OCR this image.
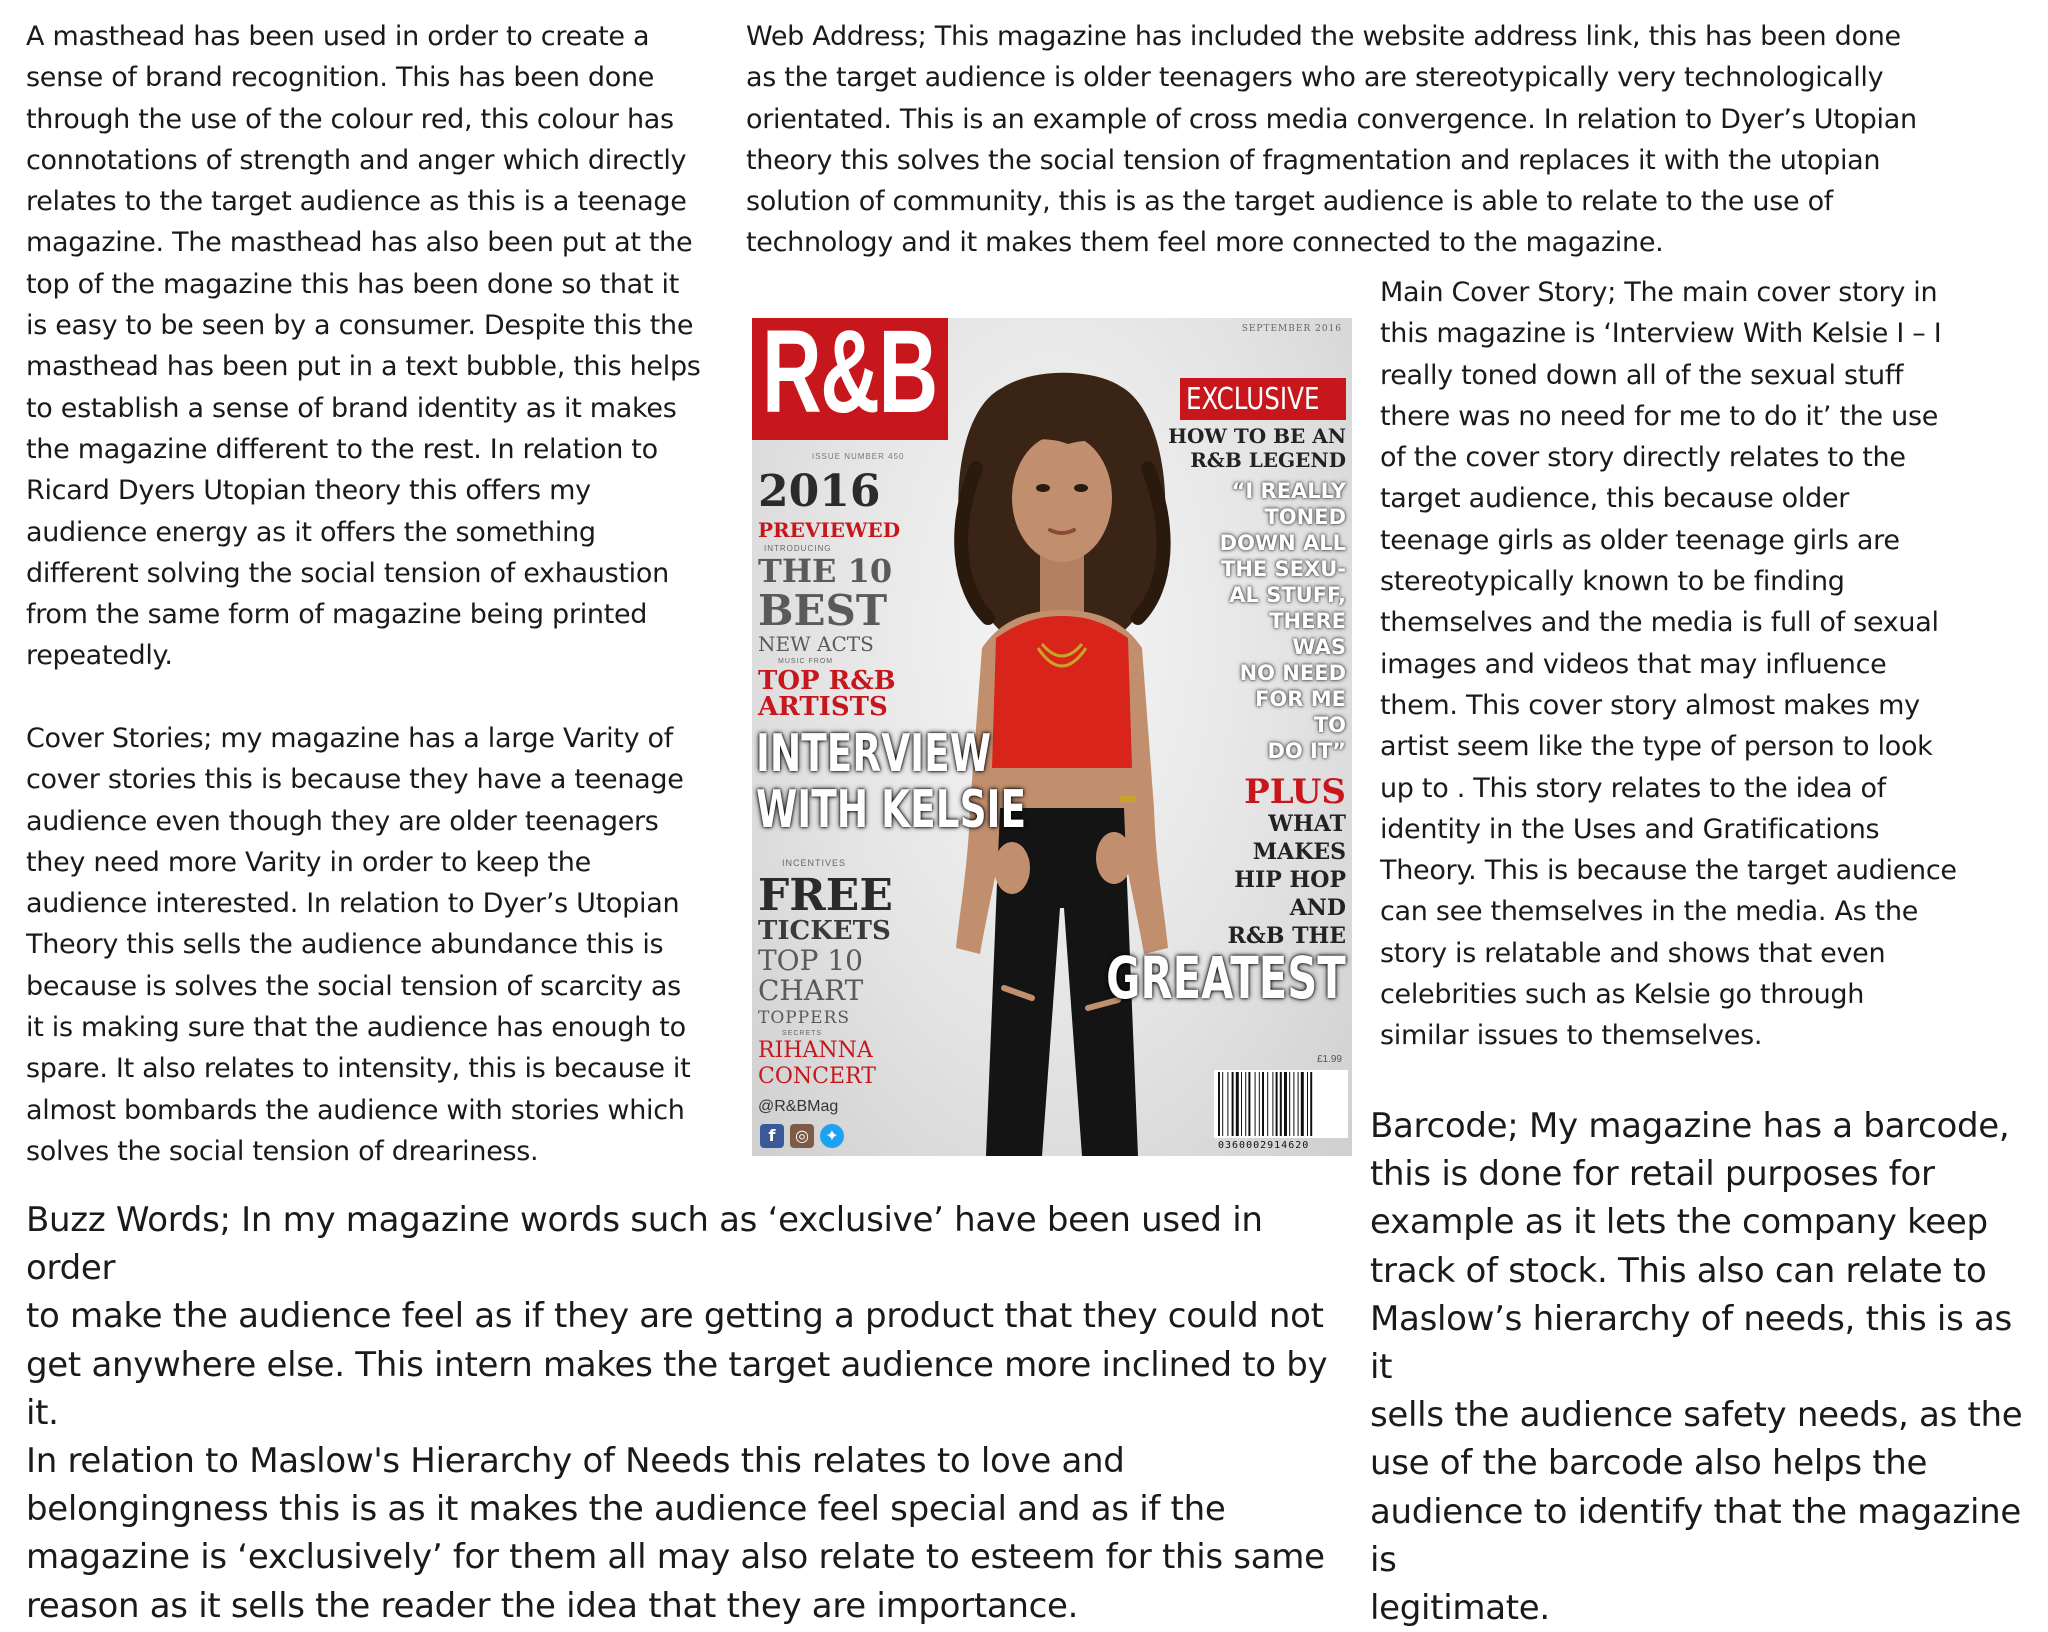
A masthead has been used in order to create a
sense of brand recognition. This has been done
through the use of the colour red, this colour has
connotations of strength and anger which directly
relates to the target audience as this is a teenage
magazine. The masthead has also been put at the
top of the magazine this has been done so that it
is easy to be seen by a consumer. Despite this the
masthead has been put in a text bubble, this helps
to establish a sense of brand identity as it makes
the magazine different to the rest. In relation to
Ricard Dyers Utopian theory this offers my
audience energy as it offers the something
different solving the social tension of exhaustion
from the same form of magazine being printed
repeatedly.

Web Address; This magazine has included the website address link, this has been done
as the target audience is older teenagers who are stereotypically very technologically
orientated. This is an example of cross media convergence. In relation to Dyer’s Utopian
theory this solves the social tension of fragmentation and replaces it with the utopian
solution of community, this is as the target audience is able to relate to the use of
technology and it makes them feel more connected to the magazine.

Cover Stories; my magazine has a large Varity of
cover stories this is because they have a teenage
audience even though they are older teenagers
they need more Varity in order to keep the
audience interested. In relation to Dyer’s Utopian
Theory this sells the audience abundance this is
because is solves the social tension of scarcity as
it is making sure that the audience has enough to
spare. It also relates to intensity, this is because it
almost bombards the audience with stories which
solves the social tension of dreariness.

Main Cover Story; The main cover story in
this magazine is ‘Interview With Kelsie I – I
really toned down all of the sexual stuff
there was no need for me to do it’ the use
of the cover story directly relates to the
target audience, this because older
teenage girls as older teenage girls are
stereotypically known to be finding
themselves and the media is full of sexual
images and videos that may influence
them. This cover story almost makes my
artist seem like the type of person to look
up to . This story relates to the idea of
identity in the Uses and Gratifications
Theory. This is because the target audience
can see themselves in the media. As the
story is relatable and shows that even
celebrities such as Kelsie go through
similar issues to themselves.

Buzz Words; In my magazine words such as ‘exclusive’ have been used in order
to make the audience feel as if they are getting a product that they could not
get anywhere else. This intern makes the target audience more inclined to by it.
In relation to Maslow's Hierarchy of Needs this relates to love and
belongingness this is as it makes the audience feel special and as if the
magazine is ‘exclusively’ for them all may also relate to esteem for this same
reason as it sells the reader the idea that they are importance.

Barcode; My magazine has a barcode,
this is done for retail purposes for
example as it lets the company keep
track of stock. This also can relate to
Maslow’s hierarchy of needs, this is as it
sells the audience safety needs, as the
use of the barcode also helps the
audience to identify that the magazine is
legitimate.

R&B	SEPTEMBER 2016

ISSUE NUMBER 450

2016

PREVIEWED

INTRODUCING

THE 10

BEST

NEW ACTS

MUSIC FROM

TOP R&B

ARTISTS

INTERVIEW

WITH KELSIE

INCENTIVES

FREE

TICKETS

TOP 10

CHART

TOPPERS

SECRETS

RIHANNA

CONCERT

@R&BMag

f	◎	✦

EXCLUSIVE

HOW TO BE AN

R&B LEGEND

“I REALLY
TONED
DOWN ALL
THE SEXU-
AL STUFF,
THERE WAS
NO NEED
FOR ME TO
DO IT”

PLUS

WHAT
MAKES
HIP HOP
AND
R&B THE

GREATEST

£1.99

0360002914620
